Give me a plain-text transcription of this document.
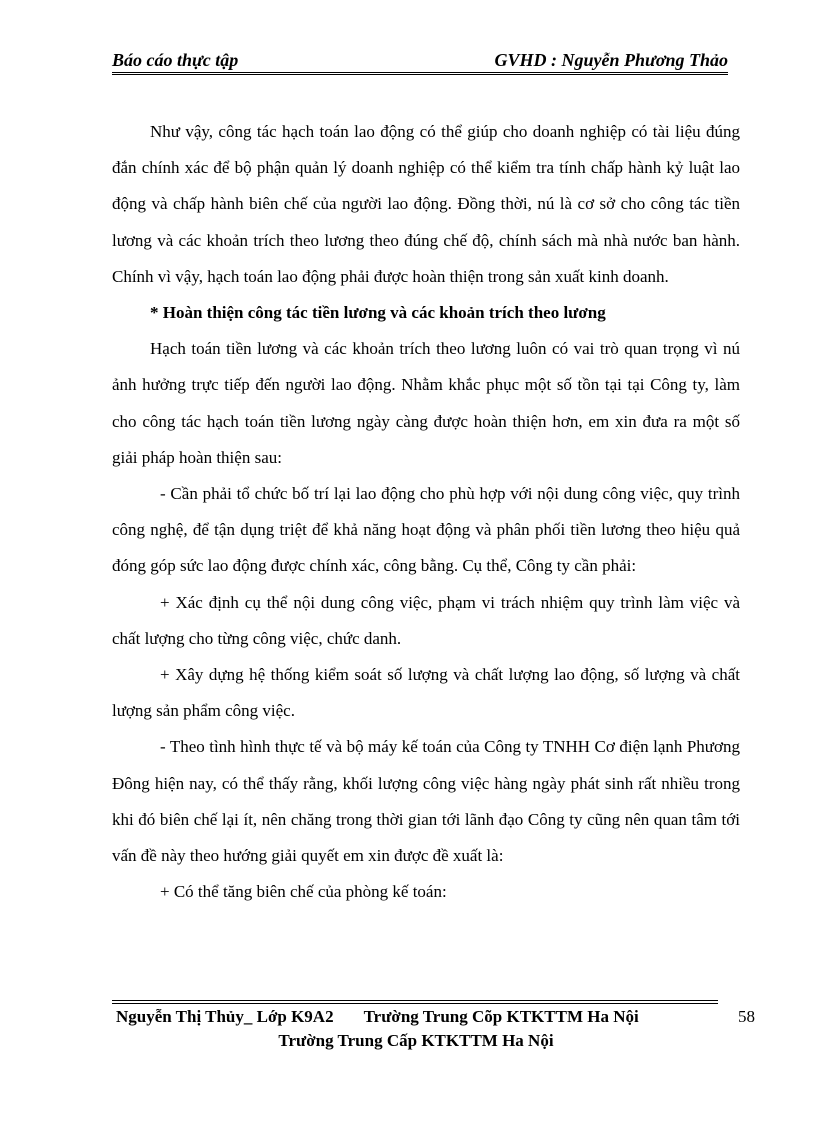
Báo cáo thực tập	GVHD : Nguyễn Phương Thảo

Như vậy, công tác hạch toán lao động có thể giúp cho doanh nghiệp có tài liệu đúng đắn chính xác để bộ phận quản lý doanh nghiệp có thể kiểm tra tính chấp hành kỷ luật lao động và chấp hành biên chế của người lao động. Đồng thời, nú là cơ sở cho công tác tiền lương và các khoản trích theo lương theo đúng chế độ, chính sách mà nhà nước ban hành. Chính vì vậy, hạch toán lao động phải được hoàn thiện trong sản xuất kinh doanh.

* Hoàn thiện công tác tiền lương và các khoản trích theo lương

Hạch toán tiền lương và các khoản trích theo lương luôn có vai trò quan trọng vì nú ảnh hưởng trực tiếp đến người lao động. Nhằm khắc phục một số tồn tại tại Công ty, làm cho công tác hạch toán tiền lương ngày càng được hoàn thiện hơn, em xin đưa ra một số giải pháp hoàn thiện sau:

- Cần phải tổ chức bố trí lại lao động cho phù hợp với nội dung công việc, quy trình công nghệ, để tận dụng triệt để khả năng hoạt động và phân phối tiền lương theo hiệu quả đóng góp sức lao động được chính xác, công bằng. Cụ thể, Công ty cần phải:

+ Xác định cụ thể nội dung công việc, phạm vi trách nhiệm quy trình làm việc và chất lượng cho từng công việc, chức danh.

+ Xây dựng hệ thống kiểm soát số lượng và chất lượng lao động, số lượng và chất lượng sản phẩm công việc.

- Theo tình hình thực tế và bộ máy kế toán của Công ty TNHH Cơ điện lạnh Phương Đông hiện nay, có thể thấy rằng, khối lượng công việc hàng ngày phát sinh rất nhiều trong khi đó biên chế lại ít, nên chăng trong thời gian tới lãnh đạo Công ty cũng nên quan tâm tới vấn đề này theo hướng giải quyết em xin được đề xuất là:

+ Có thể tăng biên chế của phòng kế toán:

Nguyễn Thị Thủy_ Lớp K9A2 Trường Trung Cõp KTKTTM Ha Nội
Trường Trung Cấp KTKTTM Ha Nội
58
